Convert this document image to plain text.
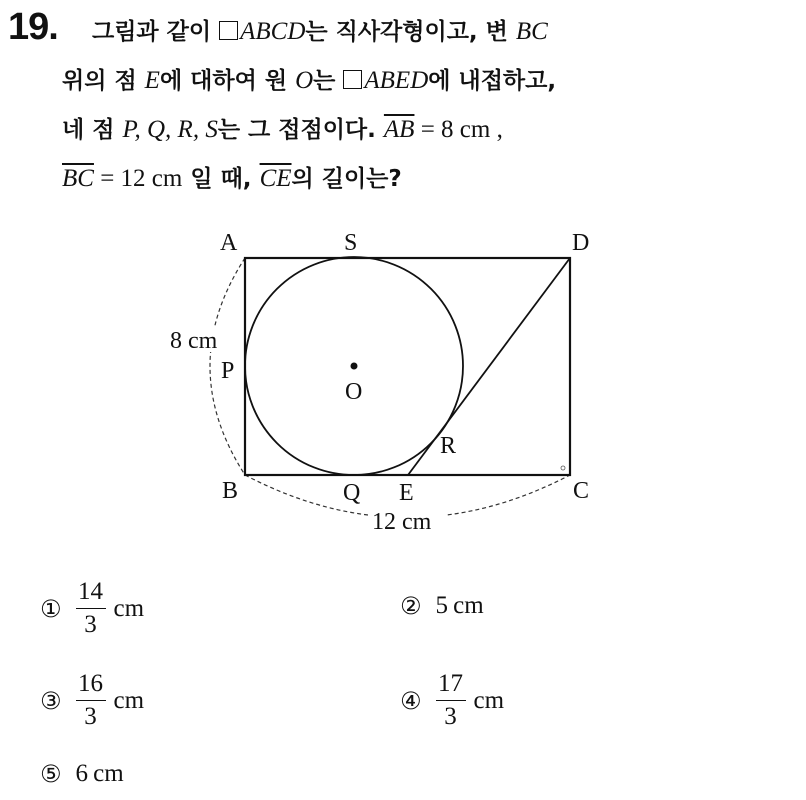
19. 그림과 같이 ABCD는 직사각형이고, 변 BC
위의 점 E에 대하여 원 O는 ABED에 내접하고,
네 점 P, Q, R, S는 그 접점이다. $\overline{AB} = 8$ cm ,
$\overline{BC} = 12$ cm 일 때, $\overline{CE}$의 길이는?
A	S	D
P
O
R
B	Q E	C
8 cm
12 cm
① $\frac{14}{3}$ cm	② 5
cm
③ $\frac{16}{3}$ cm	④ $\frac{17}{3}$ cm
⑤ 6
cm
